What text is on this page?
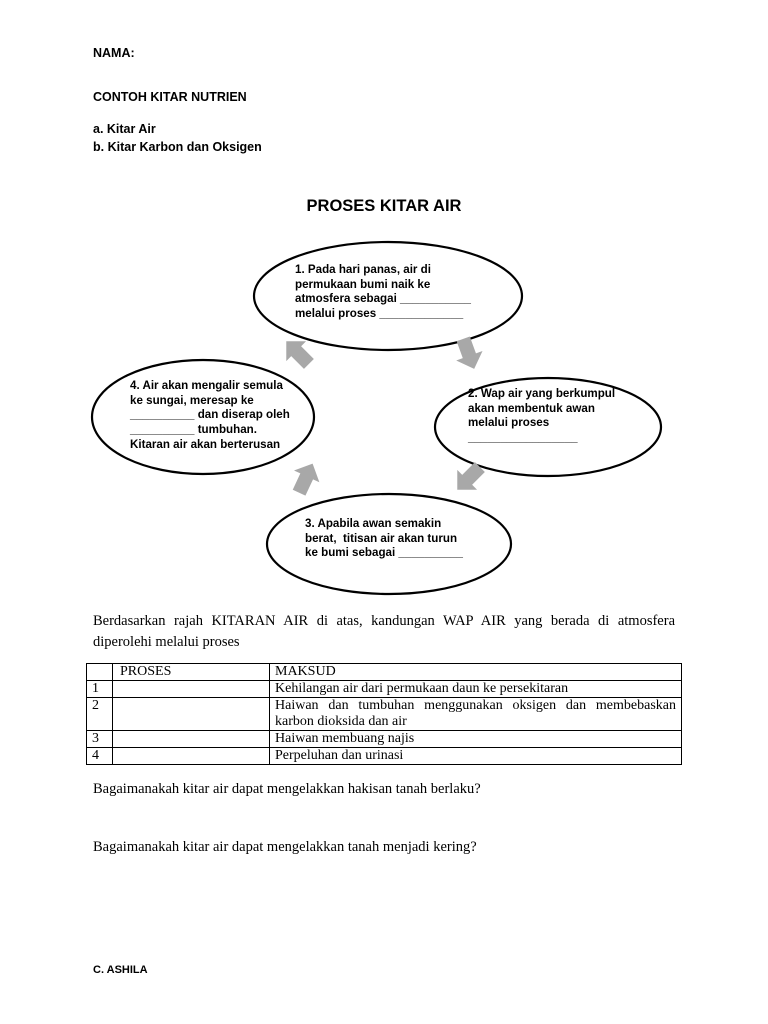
NAMA:
CONTOH KITAR NUTRIEN
a. Kitar Air
b. Kitar Karbon dan Oksigen
PROSES KITAR AIR
1. Pada hari panas, air di
permukaan bumi naik ke
atmosfera sebagai ___________
melalui proses _____________
2. Wap air yang berkumpul
akan membentuk awan
melalui proses
_________________
3. Apabila awan semakin
berat,  titisan air akan turun
ke bumi sebagai __________
4. Air akan mengalir semula
ke sungai, meresap ke
__________ dan diserap oleh
__________ tumbuhan.
Kitaran air akan berterusan
Berdasarkan rajah KITARAN AIR di atas, kandungan WAP AIR yang berada di atmosfera diperolehi melalui proses
	PROSES	MAKSUD
1		Kehilangan air dari permukaan daun ke persekitaran
2		Haiwan dan tumbuhan menggunakan oksigen dan membebaskan karbon dioksida dan air
3		Haiwan membuang najis
4		Perpeluhan dan urinasi
Bagaimanakah kitar air dapat mengelakkan hakisan tanah berlaku?
Bagaimanakah kitar air dapat mengelakkan tanah menjadi kering?
C. ASHILA
